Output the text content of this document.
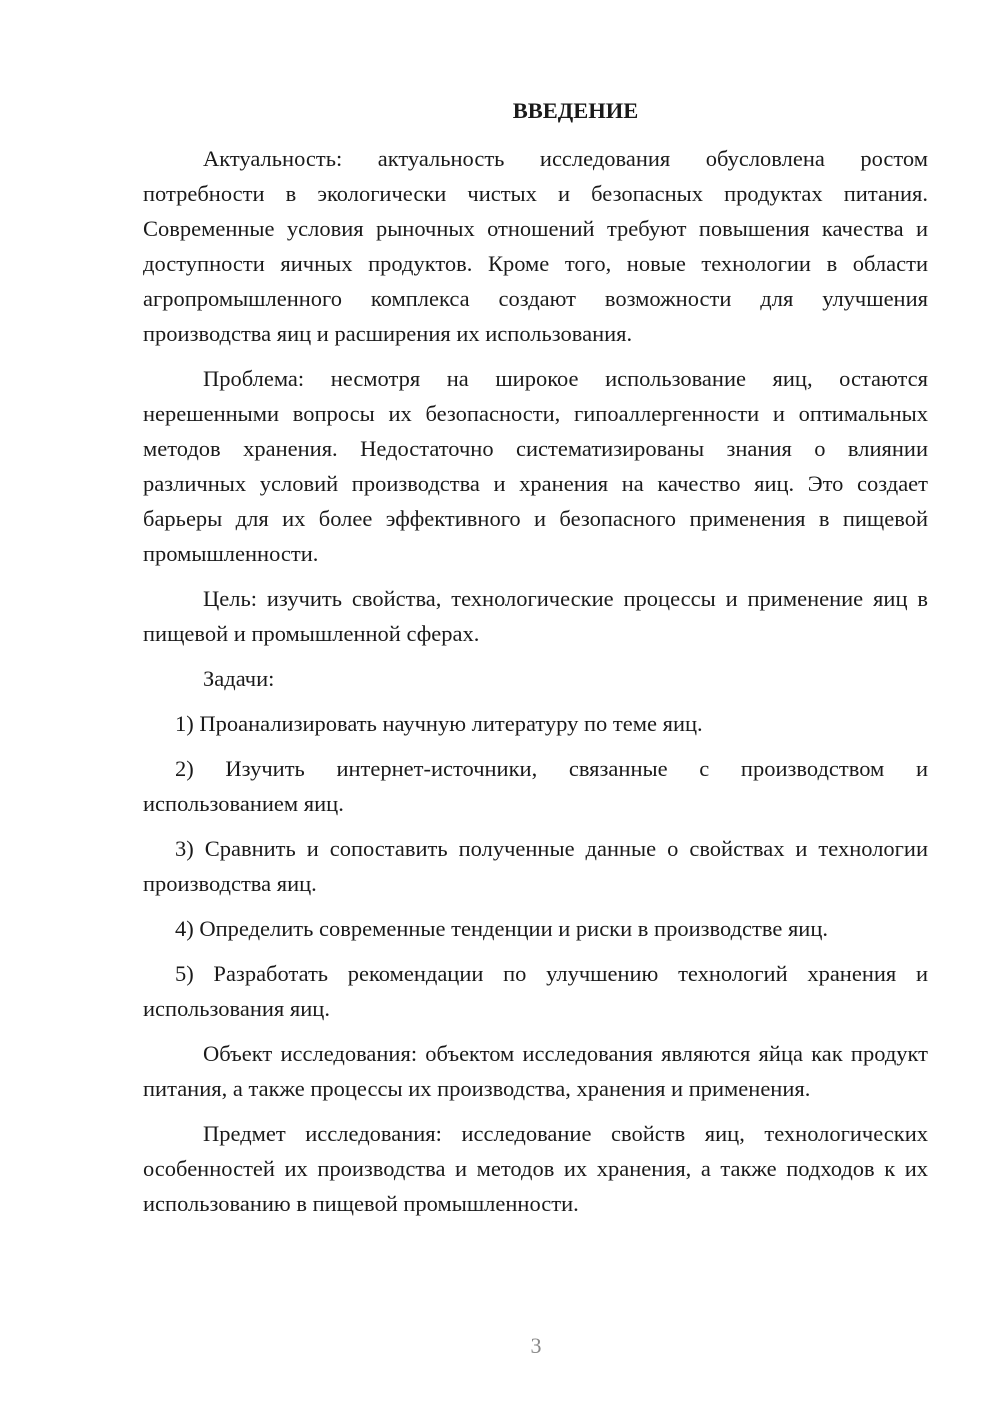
ВВЕДЕНИЕ

Актуальность: актуальность исследования обусловлена ростом потребности в экологически чистых и безопасных продуктах питания. Современные условия рыночных отношений требуют повышения качества и доступности яичных продуктов. Кроме того, новые технологии в области агропромышленного комплекса создают возможности для улучшения производства яиц и расширения их использования.

Проблема: несмотря на широкое использование яиц, остаются нерешенными вопросы их безопасности, гипоаллергенности и оптимальных методов хранения. Недостаточно систематизированы знания о влиянии различных условий производства и хранения на качество яиц. Это создает барьеры для их более эффективного и безопасного применения в пищевой промышленности.

Цель: изучить свойства, технологические процессы и применение яиц в пищевой и промышленной сферах.

Задачи:

1) Проанализировать научную литературу по теме яиц.

2) Изучить интернет-источники, связанные с производством и использованием яиц.

3) Сравнить и сопоставить полученные данные о свойствах и технологии производства яиц.

4) Определить современные тенденции и риски в производстве яиц.

5) Разработать рекомендации по улучшению технологий хранения и использования яиц.

Объект исследования: объектом исследования являются яйца как продукт питания, а также процессы их производства, хранения и применения.

Предмет исследования: исследование свойств яиц, технологических особенностей их производства и методов их хранения, а также подходов к их использованию в пищевой промышленности.

3
